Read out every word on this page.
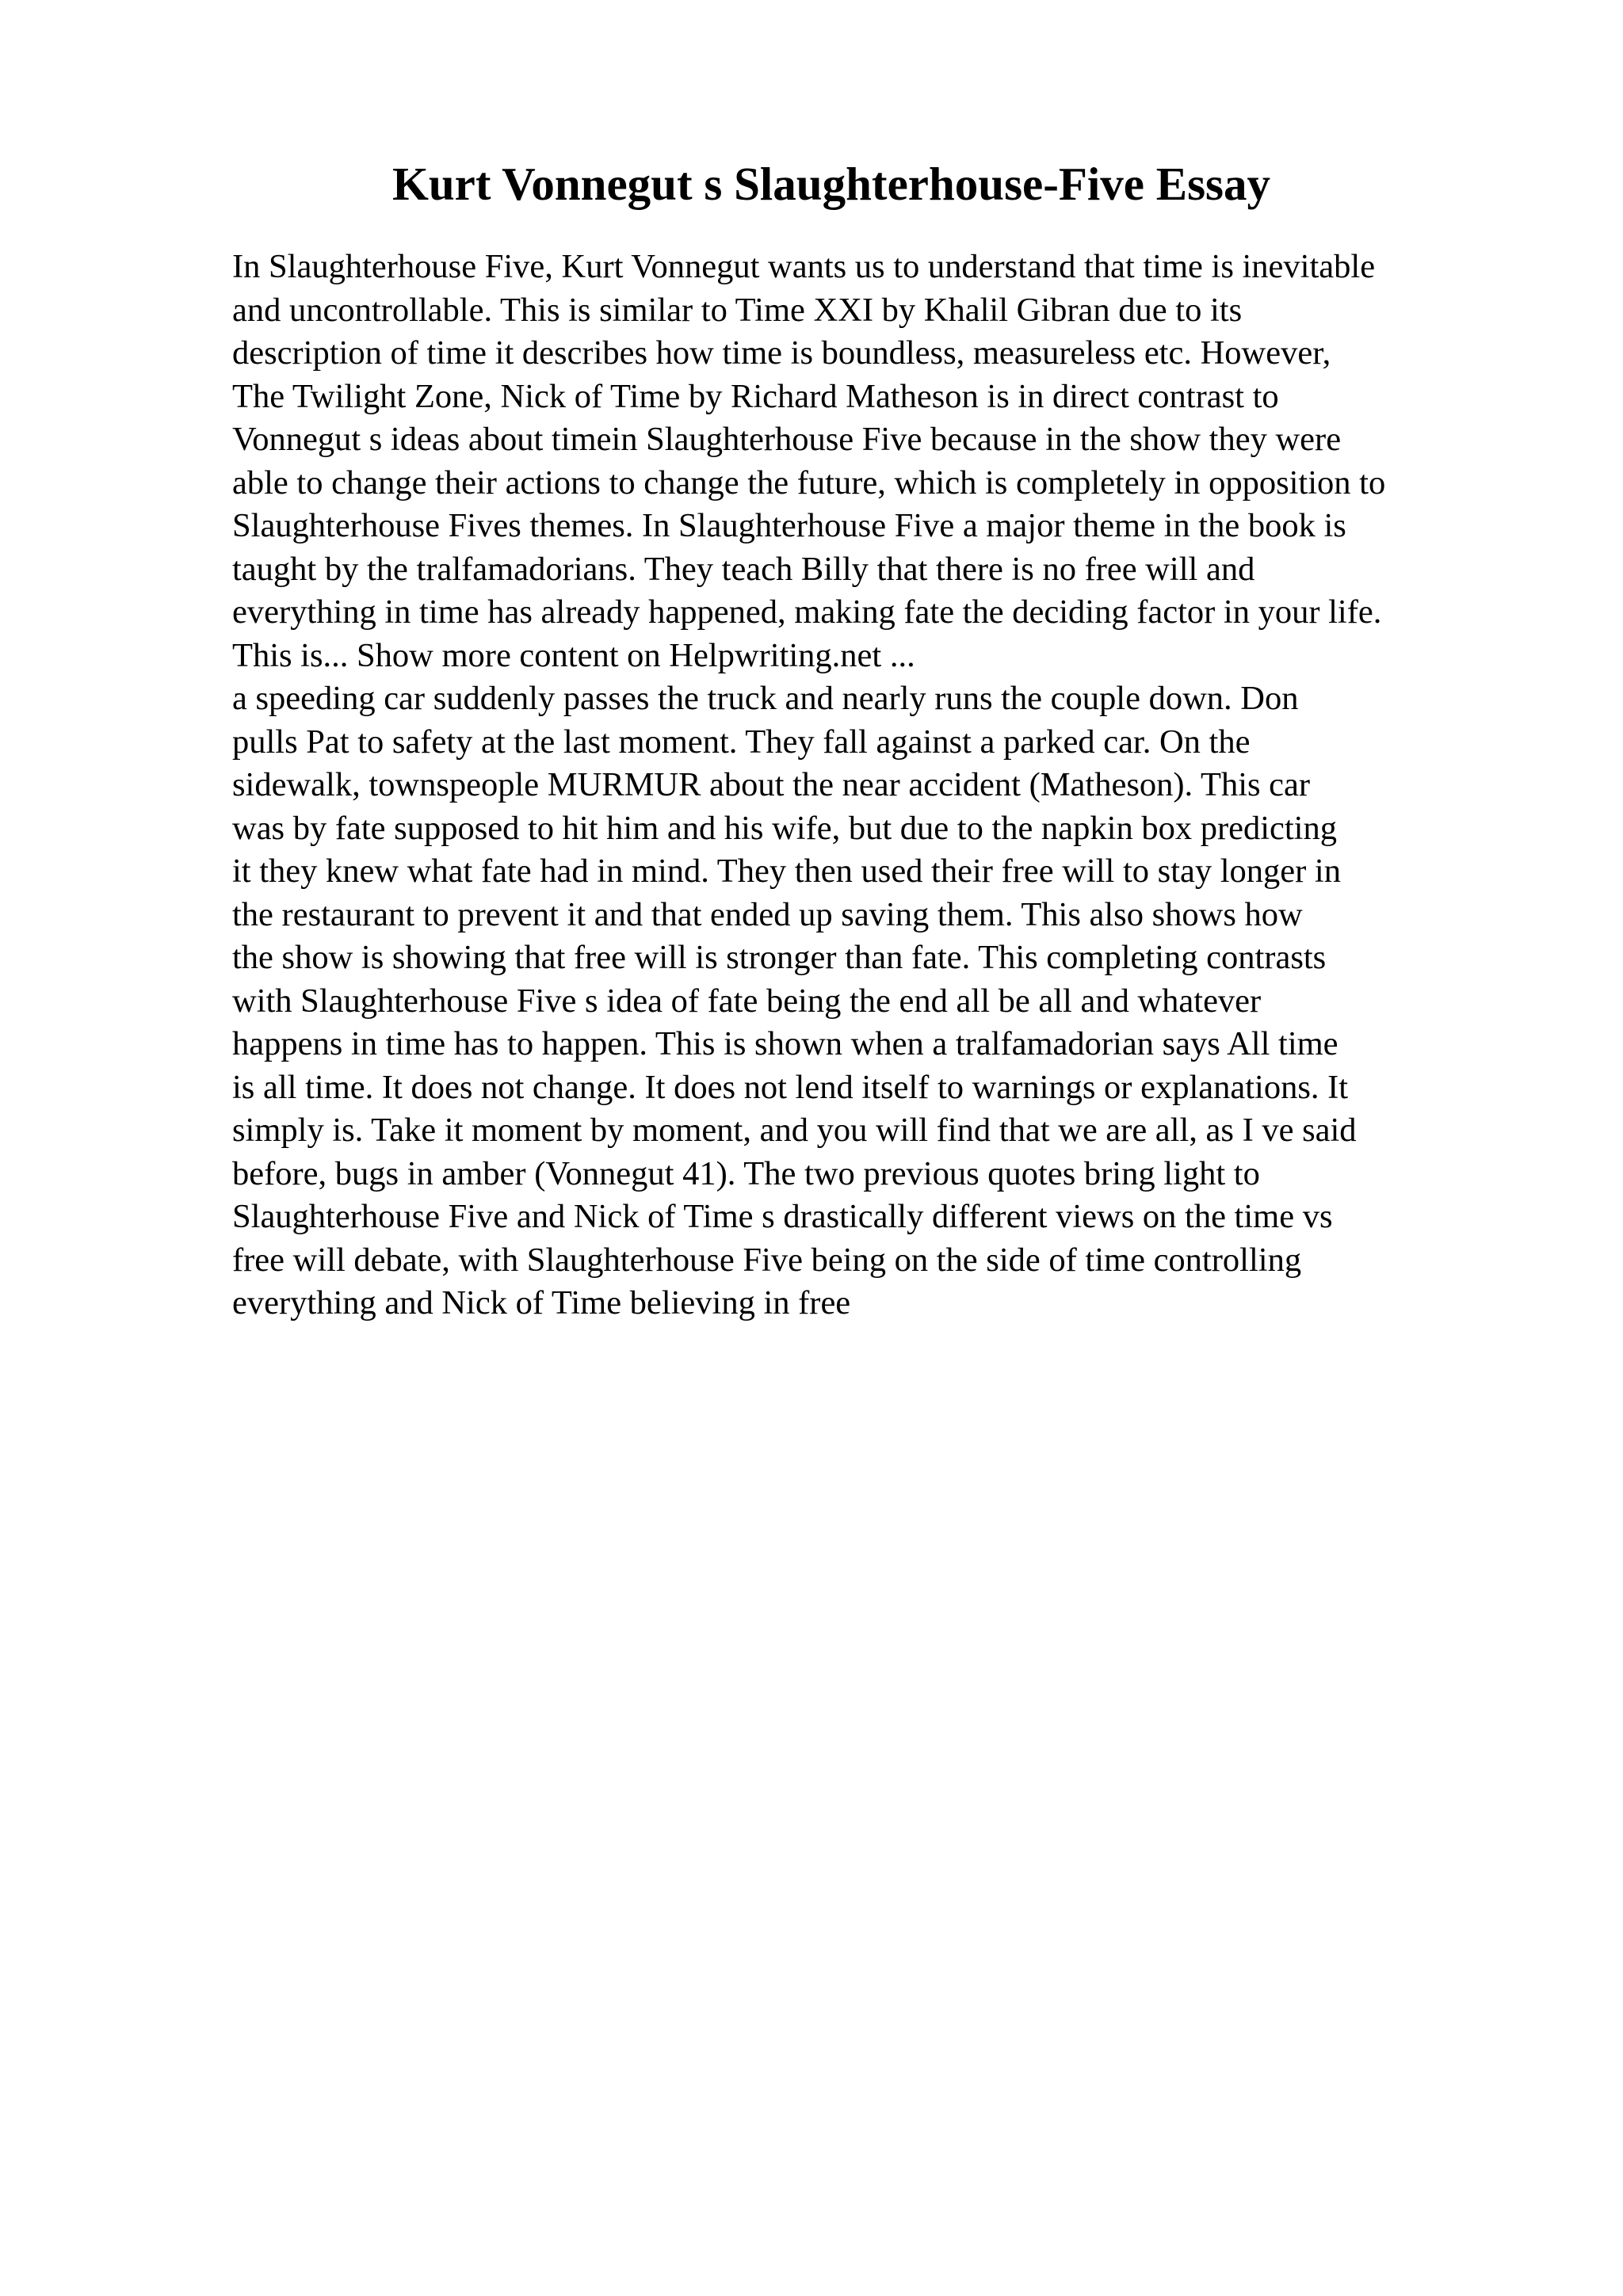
Kurt Vonnegut s Slaughterhouse-Five Essay
In Slaughterhouse Five, Kurt Vonnegut wants us to understand that time is inevitable
and uncontrollable. This is similar to Time XXI by Khalil Gibran due to its
description of time it describes how time is boundless, measureless etc. However,
The Twilight Zone, Nick of Time by Richard Matheson is in direct contrast to
Vonnegut s ideas about timein Slaughterhouse Five because in the show they were
able to change their actions to change the future, which is completely in opposition to
Slaughterhouse Fives themes. In Slaughterhouse Five a major theme in the book is
taught by the tralfamadorians. They teach Billy that there is no free will and
everything in time has already happened, making fate the deciding factor in your life.
This is... Show more content on Helpwriting.net ...
a speeding car suddenly passes the truck and nearly runs the couple down. Don
pulls Pat to safety at the last moment. They fall against a parked car. On the
sidewalk, townspeople MURMUR about the near accident (Matheson). This car
was by fate supposed to hit him and his wife, but due to the napkin box predicting
it they knew what fate had in mind. They then used their free will to stay longer in
the restaurant to prevent it and that ended up saving them. This also shows how
the show is showing that free will is stronger than fate. This completing contrasts
with Slaughterhouse Five s idea of fate being the end all be all and whatever
happens in time has to happen. This is shown when a tralfamadorian says All time
is all time. It does not change. It does not lend itself to warnings or explanations. It
simply is. Take it moment by moment, and you will find that we are all, as I ve said
before, bugs in amber (Vonnegut 41). The two previous quotes bring light to
Slaughterhouse Five and Nick of Time s drastically different views on the time vs
free will debate, with Slaughterhouse Five being on the side of time controlling
everything and Nick of Time believing in free
